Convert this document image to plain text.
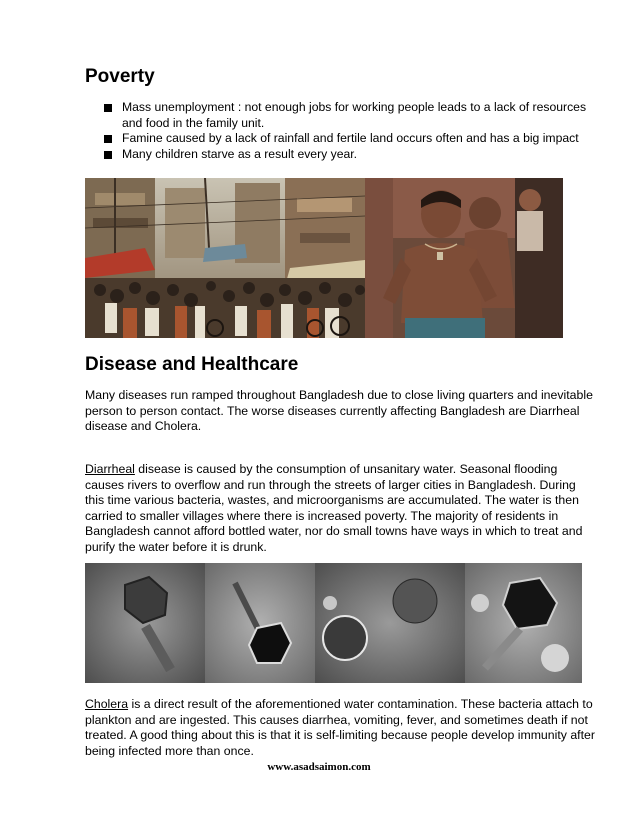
Poverty
Mass unemployment : not enough jobs for working people leads to a lack of resources and food in the family unit.
Famine caused by a lack of rainfall and fertile land occurs often and has a big impact
Many children starve as a result every year.
Disease and Healthcare

Many diseases run ramped throughout Bangladesh due to close living quarters and inevitable person to person contact. The worse diseases currently affecting Bangladesh are Diarrheal disease and Cholera.

Diarrheal disease is caused by the consumption of unsanitary water. Seasonal flooding causes rivers to overflow and run through the streets of larger cities in Bangladesh. During this time various bacteria, wastes, and microorganisms are accumulated. The water is then carried to smaller villages where there is increased poverty. The majority of residents in Bangladesh cannot afford bottled water, nor do small towns have ways in which to treat and purify the water before it is drunk.

Cholera is a direct result of the aforementioned water contamination. These bacteria attach to plankton and are ingested. This causes diarrhea, vomiting, fever, and sometimes death if not treated. A good thing about this is that it is self-limiting because people develop immunity after being infected more than once.

www.asadsaimon.com
